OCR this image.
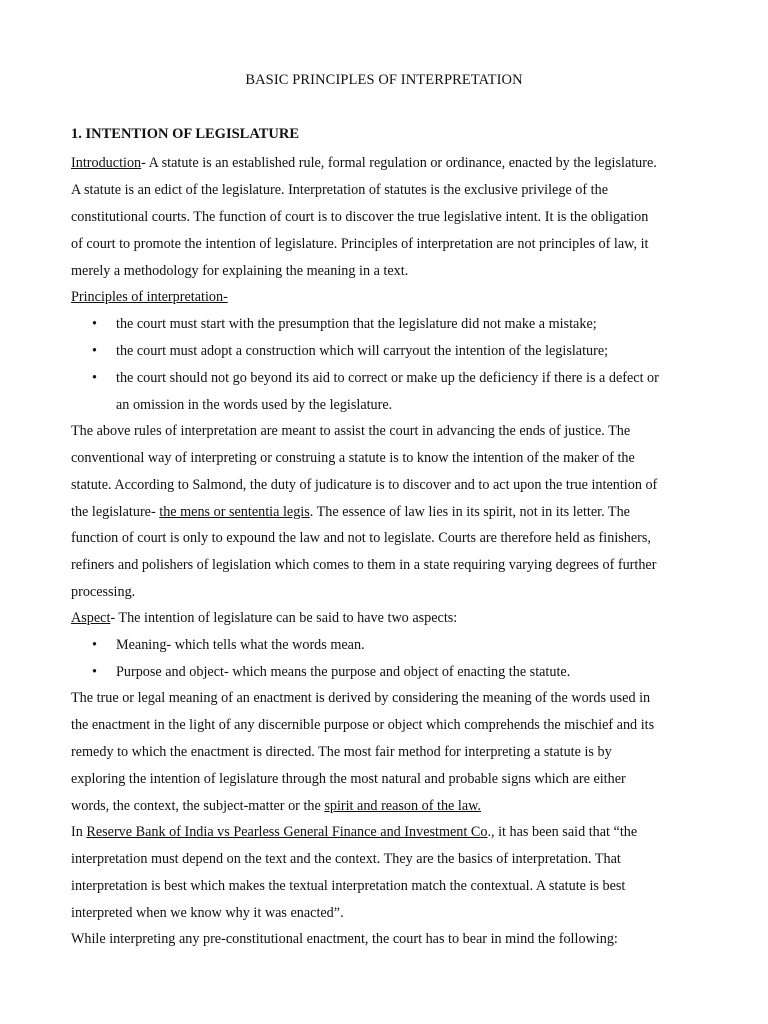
BASIC PRINCIPLES OF INTERPRETATION
1. INTENTION OF LEGISLATURE
Introduction- A statute is an established rule, formal regulation or ordinance, enacted by the legislature.
A statute is an edict of the legislature. Interpretation of statutes is the exclusive privilege of the
constitutional courts. The function of court is to discover the true legislative intent. It is the obligation
of court to promote the intention of legislature. Principles of interpretation are not principles of law, it
merely a methodology for explaining the meaning in a text.
Principles of interpretation-
• the court must start with the presumption that the legislature did not make a mistake;
• the court must adopt a construction which will carryout the intention of the legislature;
• the court should not go beyond its aid to correct or make up the deficiency if there is a defect or
an omission in the words used by the legislature.
The above rules of interpretation are meant to assist the court in advancing the ends of justice. The
conventional way of interpreting or construing a statute is to know the intention of the maker of the
statute. According to Salmond, the duty of judicature is to discover and to act upon the true intention of
the legislature- the mens or sententia legis. The essence of law lies in its spirit, not in its letter. The
function of court is only to expound the law and not to legislate. Courts are therefore held as finishers,
refiners and polishers of legislation which comes to them in a state requiring varying degrees of further
processing.
Aspect- The intention of legislature can be said to have two aspects:
• Meaning- which tells what the words mean.
• Purpose and object- which means the purpose and object of enacting the statute.
The true or legal meaning of an enactment is derived by considering the meaning of the words used in
the enactment in the light of any discernible purpose or object which comprehends the mischief and its
remedy to which the enactment is directed. The most fair method for interpreting a statute is by
exploring the intention of legislature through the most natural and probable signs which are either
words, the context, the subject-matter or the spirit and reason of the law.
In Reserve Bank of India vs Pearless General Finance and Investment Co., it has been said that “the
interpretation must depend on the text and the context. They are the basics of interpretation. That
interpretation is best which makes the textual interpretation match the contextual. A statute is best
interpreted when we know why it was enacted”.
While interpreting any pre-constitutional enactment, the court has to bear in mind the following:
